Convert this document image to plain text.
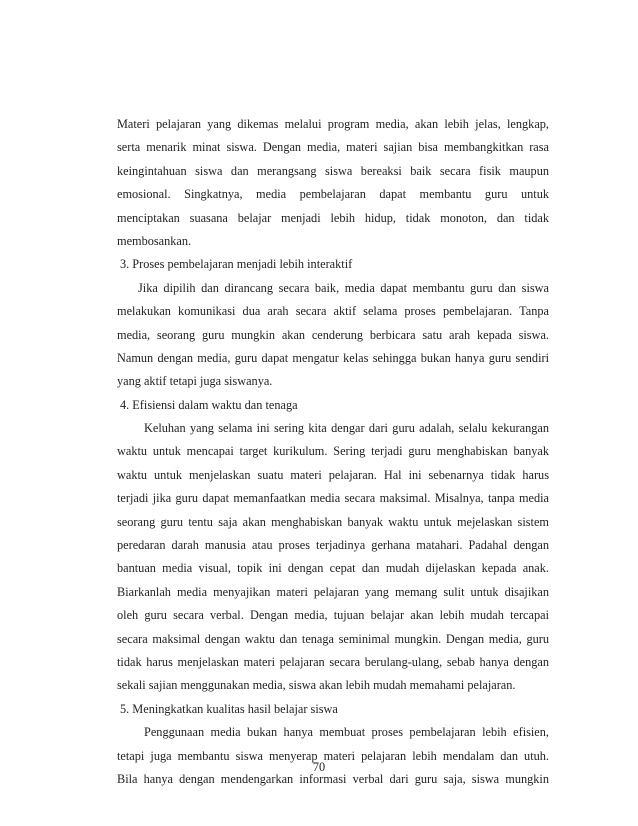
Materi pelajaran yang dikemas melalui program media, akan lebih jelas, lengkap,
serta menarik minat siswa. Dengan media, materi sajian bisa membangkitkan rasa
keingintahuan siswa dan merangsang siswa bereaksi baik secara fisik maupun
emosional. Singkatnya, media pembelajaran dapat membantu guru untuk
menciptakan suasana belajar menjadi lebih hidup, tidak monoton, dan tidak
membosankan.
3. Proses pembelajaran menjadi lebih interaktif
Jika dipilih dan dirancang secara baik, media dapat membantu guru dan siswa
melakukan komunikasi dua arah secara aktif selama proses pembelajaran. Tanpa
media, seorang guru mungkin akan cenderung berbicara satu arah kepada siswa.
Namun dengan media, guru dapat mengatur kelas sehingga bukan hanya guru sendiri
yang aktif tetapi juga siswanya.
4. Efisiensi dalam waktu dan tenaga
Keluhan yang selama ini sering kita dengar dari guru adalah, selalu kekurangan
waktu untuk mencapai target kurikulum. Sering terjadi guru menghabiskan banyak
waktu untuk menjelaskan suatu materi pelajaran. Hal ini sebenarnya tidak harus
terjadi jika guru dapat memanfaatkan media secara maksimal. Misalnya, tanpa media
seorang guru tentu saja akan menghabiskan banyak waktu untuk mejelaskan sistem
peredaran darah manusia atau proses terjadinya gerhana matahari. Padahal dengan
bantuan media visual, topik ini dengan cepat dan mudah dijelaskan kepada anak.
Biarkanlah media menyajikan materi pelajaran yang memang sulit untuk disajikan
oleh guru secara verbal. Dengan media, tujuan belajar akan lebih mudah tercapai
secara maksimal dengan waktu dan tenaga seminimal mungkin. Dengan media, guru
tidak harus menjelaskan materi pelajaran secara berulang-ulang, sebab hanya dengan
sekali sajian menggunakan media, siswa akan lebih mudah memahami pelajaran.
5. Meningkatkan kualitas hasil belajar siswa
Penggunaan media bukan hanya membuat proses pembelajaran lebih efisien,
tetapi juga membantu siswa menyerap materi pelajaran lebih mendalam dan utuh.
Bila hanya dengan mendengarkan informasi verbal dari guru saja, siswa mungkin
70
